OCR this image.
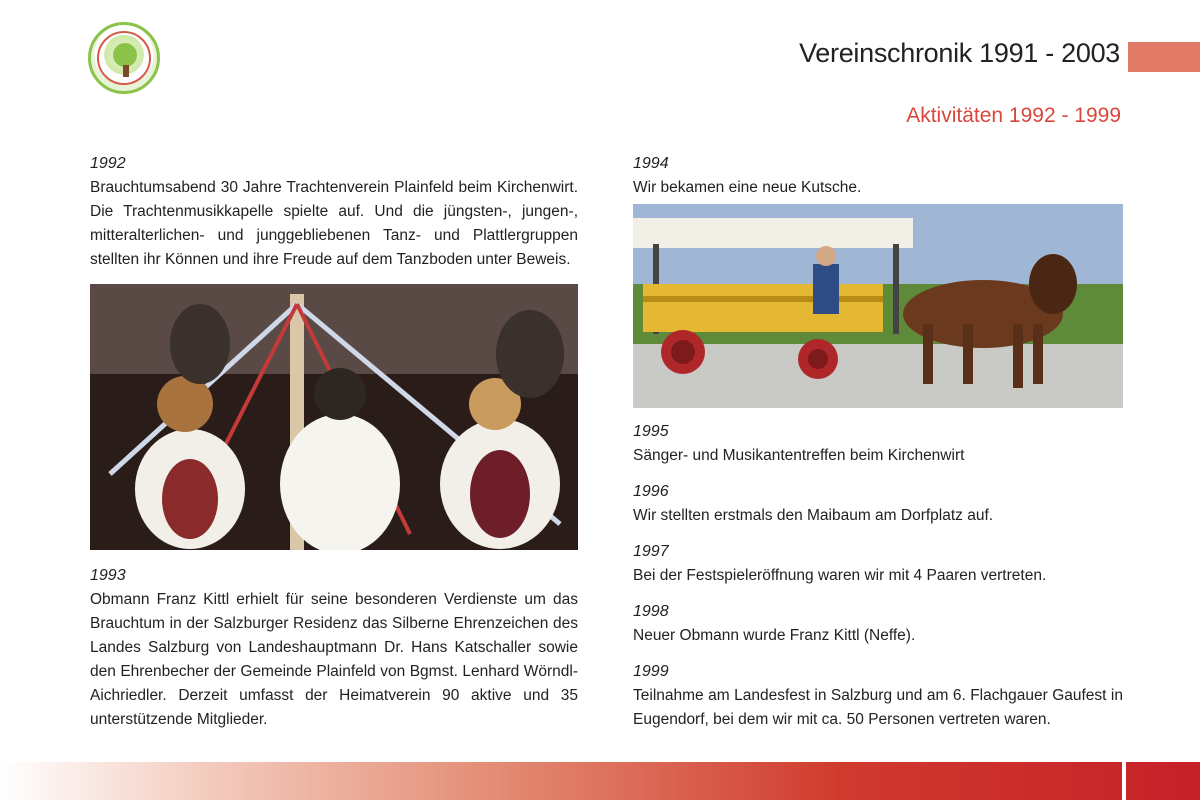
Vereinschronik 1991 - 2003
Aktivitäten 1992 - 1999
1992
Brauchtumsabend 30 Jahre Trachtenverein Plainfeld beim Kirchenwirt. Die Trachtenmusikkapelle spielte auf. Und die jüngsten-, jungen-, mitteralterlichen- und junggebliebenen Tanz- und Plattlergruppen stellten ihr Können und ihre Freude auf dem Tanzboden unter Beweis.
1993
Obmann Franz Kittl erhielt für seine besonderen Verdienste um das Brauchtum in der Salzburger Residenz das Silberne Ehrenzeichen des Landes Salzburg von Landeshauptmann Dr. Hans Katschaller sowie den Ehrenbecher der Gemeinde Plainfeld von Bgmst. Lenhard Wörndl-Aichriedler. Derzeit umfasst der Heimatverein 90 aktive und 35 unterstützende Mitglieder.
1994
Wir bekamen eine neue Kutsche.
1995
Sänger- und Musikantentreffen beim Kirchenwirt
1996
Wir stellten erstmals den Maibaum am Dorfplatz auf.
1997
Bei der Festspieleröffnung waren wir mit 4 Paaren vertreten.
1998
Neuer Obmann wurde Franz Kittl (Neffe).
1999
Teilnahme am Landesfest in Salzburg und am 6. Flachgauer Gaufest in Eugendorf, bei dem wir mit ca. 50 Personen vertreten waren.
